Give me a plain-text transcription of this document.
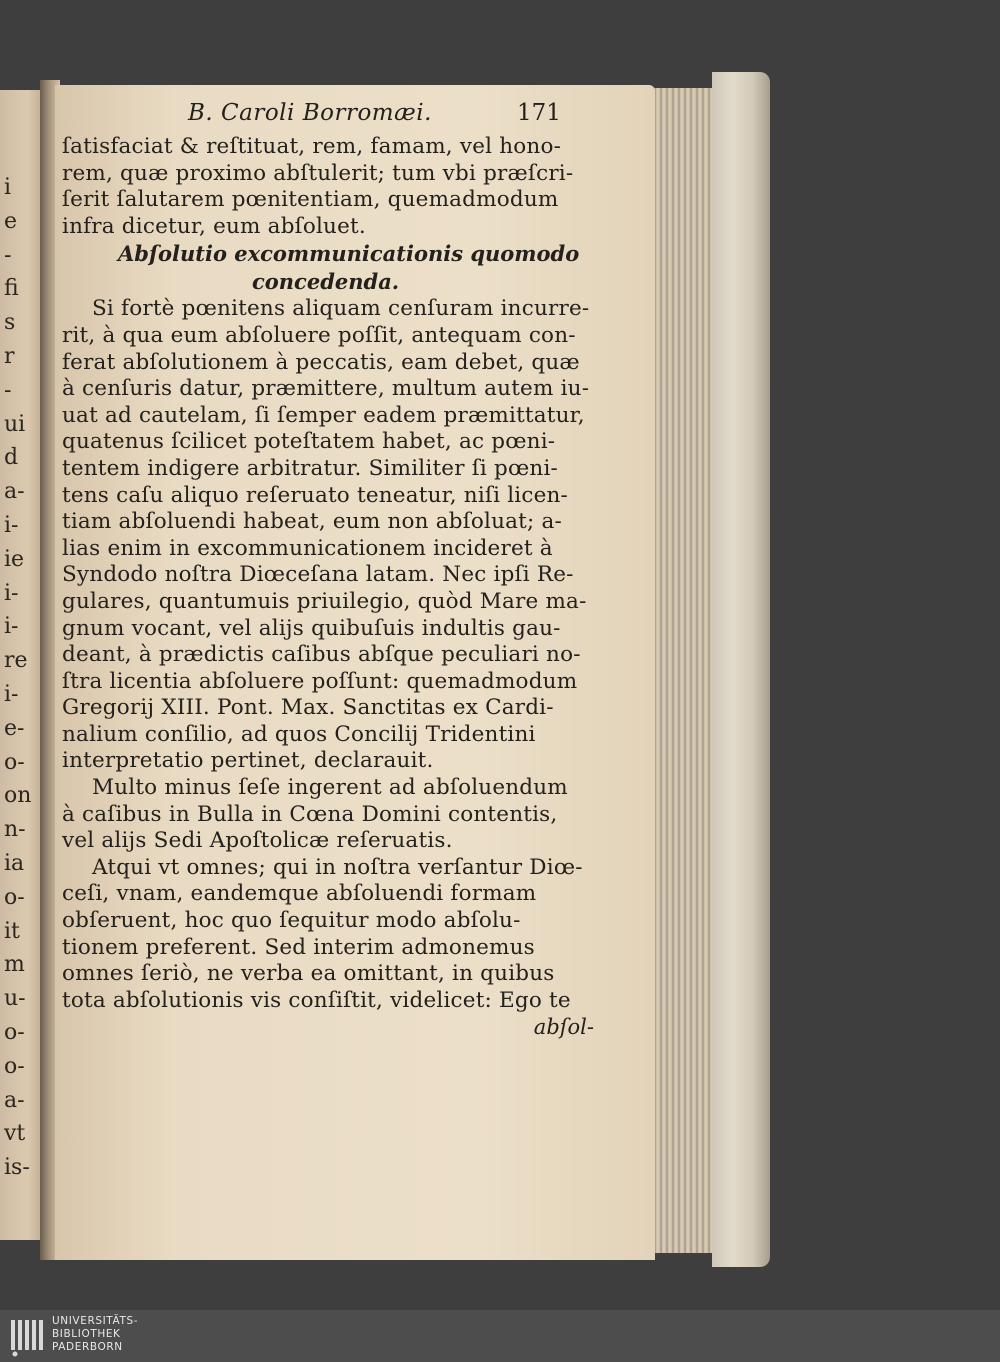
i
e
-
fi
s
r
-
ui
d
a-
i-
ie
i-
i-
re
i-
e-
o-
on
n-
ia
o-
it
m
u-
o-
o-
a-
vt
is-
B. Caroli Borromæi.	171
ſatisfaciat & reſtituat, rem, famam, vel hono-
rem, quæ proximo abſtulerit; tum vbi præſcri-
ſerit ſalutarem pœnitentiam, quemadmodum
infra dicetur, eum abſoluet.
Abſolutio excommunicationis quomodo
concedenda.
Si fortè pœnitens aliquam cenſuram incurre-
rit, à qua eum abſoluere poſſit, antequam con-
ferat abſolutionem à peccatis, eam debet, quæ
à cenſuris datur, præmittere, multum autem iu-
uat ad cautelam, ſi ſemper eadem præmittatur,
quatenus ſcilicet poteſtatem habet, ac pœni-
tentem indigere arbitratur. Similiter ſi pœni-
tens caſu aliquo reſeruato teneatur, niſi licen-
tiam abſoluendi habeat, eum non abſoluat; a-
lias enim in excommunicationem incideret à
Syndodo noſtra Diœceſana latam. Nec ipſi Re-
gulares, quantumuis priuilegio, quòd Mare ma-
gnum vocant, vel alijs quibuſuis indultis gau-
deant, à prædictis caſibus abſque peculiari no-
ſtra licentia abſoluere poſſunt: quemadmodum
Gregorij XIII. Pont. Max. Sanctitas ex Cardi-
nalium conſilio, ad quos Concilij Tridentini
interpretatio pertinet, declarauit.
Multo minus ſeſe ingerent ad abſoluendum
à caſibus in Bulla in Cœna Domini contentis,
vel alijs Sedi Apoſtolicæ reſeruatis.
Atqui vt omnes; qui in noſtra verſantur Diœ-
ceſi, vnam, eandemque abſoluendi formam
obſeruent, hoc quo ſequitur modo abſolu-
tionem preferent. Sed interim admonemus
omnes ſeriò, ne verba ea omittant, in quibus
tota abſolutionis vis conſiſtit, videlicet: Ego te
abſol-
UNIVERSITÄTS-
BIBLIOTHEK
PADERBORN
